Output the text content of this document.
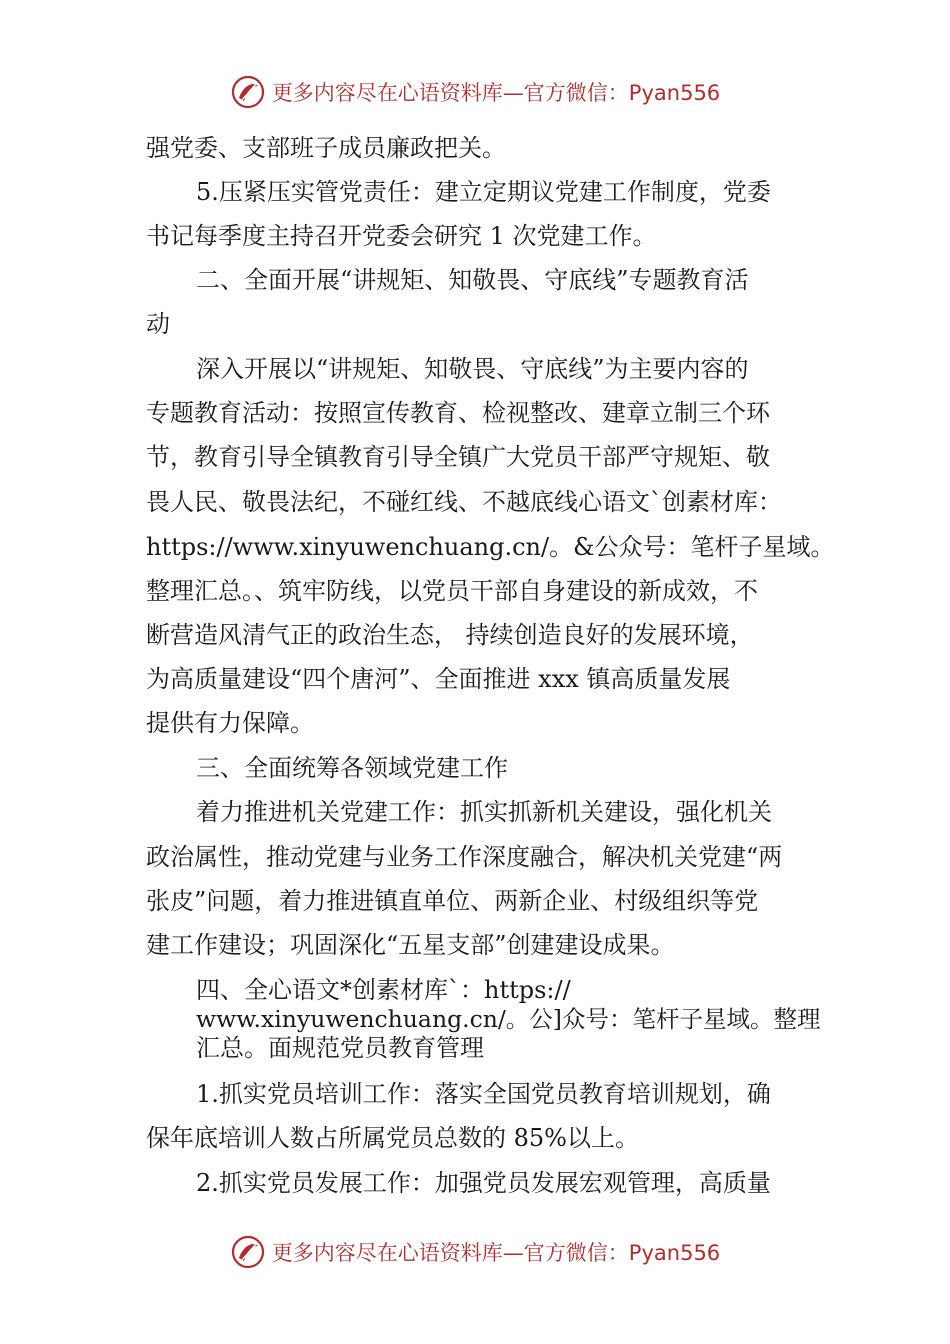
更多内容尽在心语资料库—官方微信：Pyan556
强党委、支部班子成员廉政把关。
5.压紧压实管党责任：建立定期议党建工作制度，党委
书记每季度主持召开党委会研究 1 次党建工作。
二、全面开展“讲规矩、知敬畏、守底线”专题教育活
动
深入开展以“讲规矩、知敬畏、守底线”为主要内容的
专题教育活动：按照宣传教育、检视整改、建章立制三个环
节，教育引导全镇教育引导全镇广大党员干部严守规矩、敬
畏人民、敬畏法纪，不碰红线、不越底线心语文`创素材库：
https://www.xinyuwenchuang.cn/。&公众号：笔杆子星域。
整理汇总。、筑牢防线，以党员干部自身建设的新成效，不
断营造风清气正的政治生态， 持续创造良好的发展环境，
为高质量建设“四个唐河”、全面推进 xxx 镇高质量发展
提供有力保障。
三、全面统筹各领域党建工作
着力推进机关党建工作：抓实抓新机关建设，强化机关
政治属性，推动党建与业务工作深度融合，解决机关党建“两
张皮”问题，着力推进镇直单位、两新企业、村级组织等党
建工作建设；巩固深化“五星支部”创建建设成果。
四、全心语文*创素材库`：https://
www.xinyuwenchuang.cn/。公]众号：笔杆子星域。整理
汇总。面规范党员教育管理
1.抓实党员培训工作：落实全国党员教育培训规划，确
保年底培训人数占所属党员总数的 85%以上。
2.抓实党员发展工作：加强党员发展宏观管理，高质量
更多内容尽在心语资料库—官方微信：Pyan556
